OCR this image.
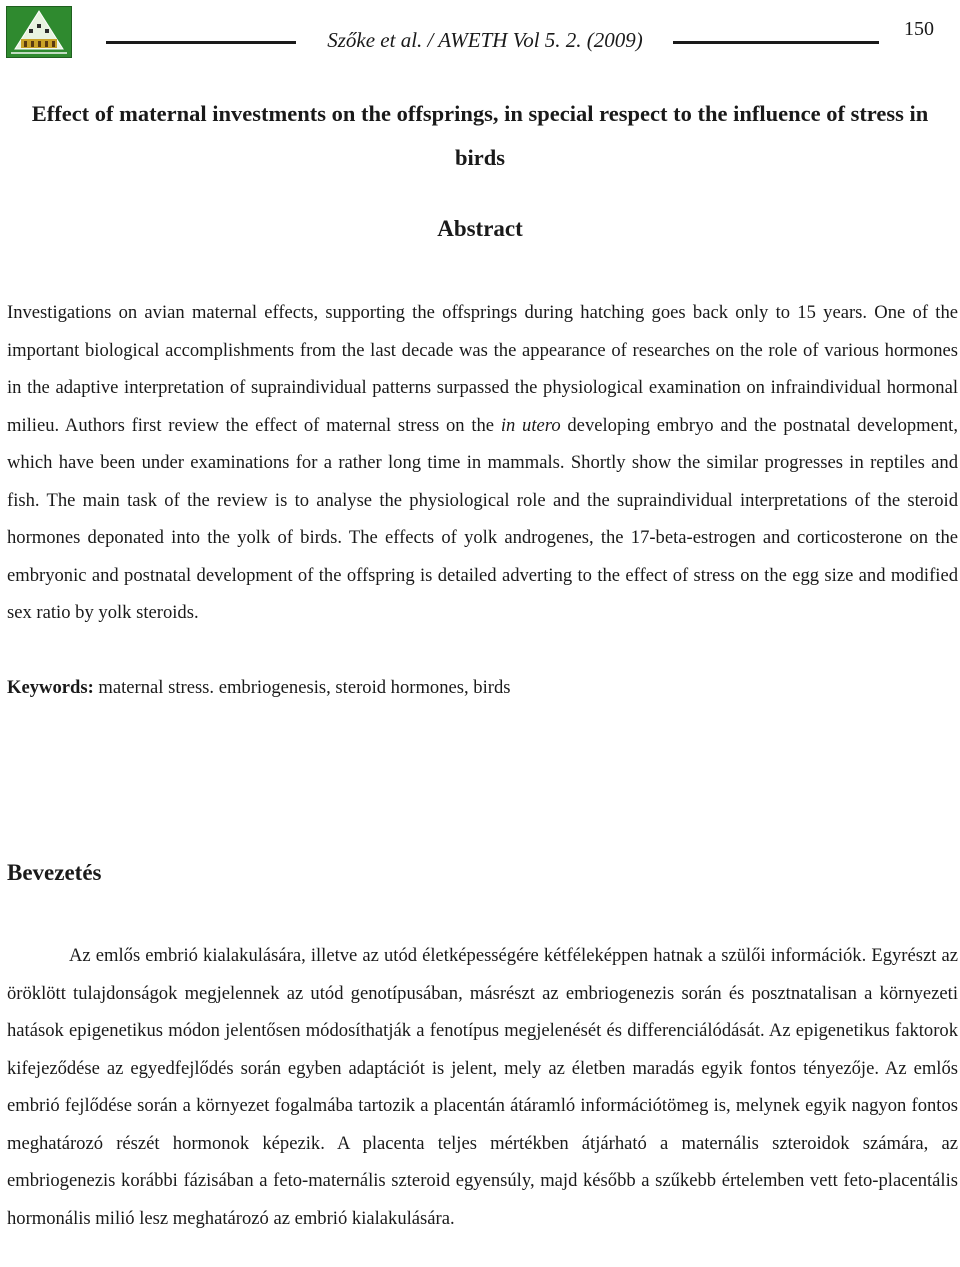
Szőke et al. / AWETH Vol 5. 2. (2009)	150
Effect of maternal investments on the offsprings, in special respect to the influence of stress in birds
Abstract

Investigations on avian maternal effects, supporting the offsprings during hatching goes back only to 15 years. One of the important biological accomplishments from the last decade was the appearance of researches on the role of various hormones in the adaptive interpretation of supraindividual patterns surpassed the physiological examination on infraindividual hormonal milieu. Authors first review the effect of maternal stress on the in utero developing embryo and the postnatal development, which have been under examinations for a rather long time in mammals. Shortly show the similar progresses in reptiles and fish. The main task of the review is to analyse the physiological role and the supraindividual interpretations of the steroid hormones deponated into the yolk of birds. The effects of yolk androgenes, the 17-beta-estrogen and corticosterone on the embryonic and postnatal development of the offspring is detailed adverting to the effect of stress on the egg size and modified sex ratio by yolk steroids.

Keywords: maternal stress. embriogenesis, steroid hormones, birds

Bevezetés

Az emlős embrió kialakulására, illetve az utód életképességére kétféleképpen hatnak a szülői információk. Egyrészt az öröklött tulajdonságok megjelennek az utód genotípusában, másrészt az embriogenezis során és posztnatalisan a környezeti hatások epigenetikus módon jelentősen módosíthatják a fenotípus megjelenését és differenciálódását. Az epigenetikus faktorok kifejeződése az egyedfejlődés során egyben adaptációt is jelent, mely az életben maradás egyik fontos tényezője. Az emlős embrió fejlődése során a környezet fogalmába tartozik a placentán átáramló információtömeg is, melynek egyik nagyon fontos meghatározó részét hormonok képezik. A placenta teljes mértékben átjárható a maternális szteroidok számára, az embriogenezis korábbi fázisában a feto-maternális szteroid egyensúly, majd később a szűkebb értelemben vett feto-placentális hormonális milió lesz meghatározó az embrió kialakulására.
